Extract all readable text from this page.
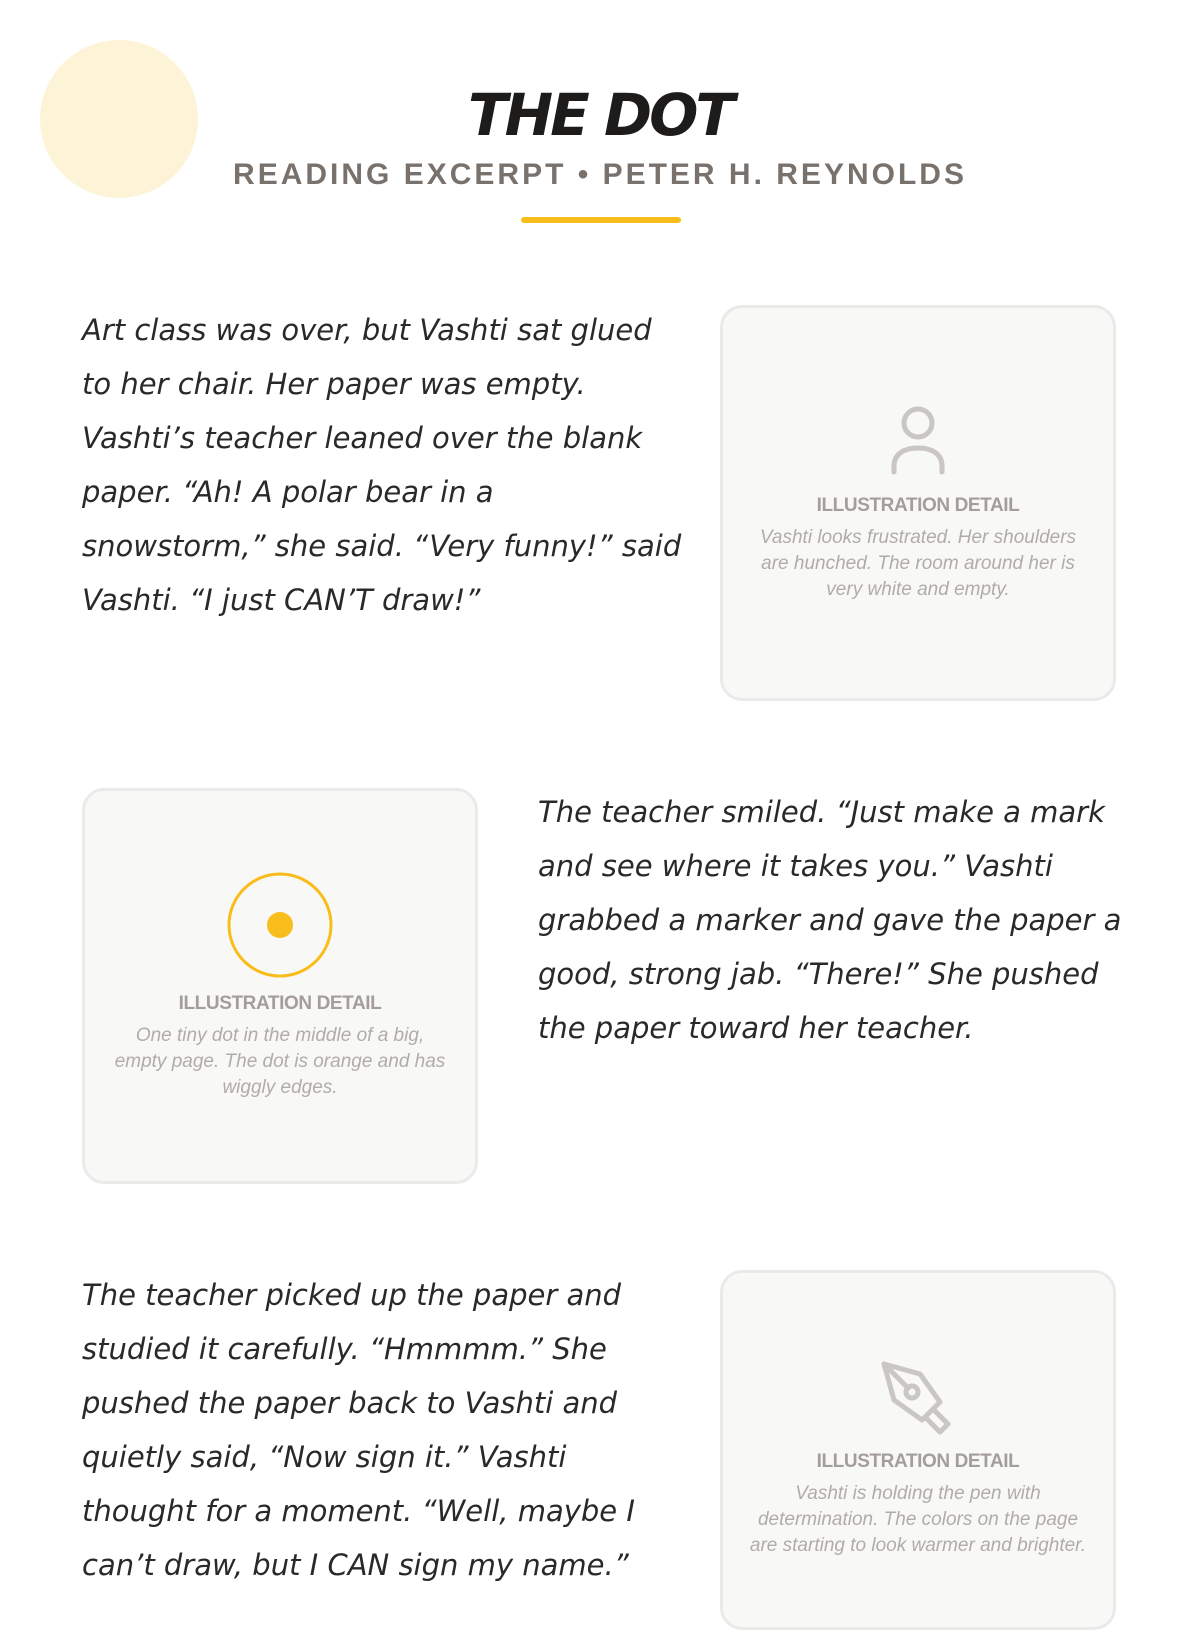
THE DOT
READING EXCERPT • PETER H. REYNOLDS

Art class was over, but Vashti sat glued to her chair. Her paper was empty. Vashti’s teacher leaned over the blank paper. “Ah! A polar bear in a snowstorm,” she said. “Very funny!” said Vashti. “I just CAN’T draw!”

ILLUSTRATION DETAIL
Vashti looks frustrated. Her shoulders are hunched. The room around her is very white and empty.
ILLUSTRATION DETAIL
One tiny dot in the middle of a big, empty page. The dot is orange and has wiggly edges.

The teacher smiled. “Just make a mark and see where it takes you.” Vashti grabbed a marker and gave the paper a good, strong jab. “There!” She pushed the paper toward her teacher.

The teacher picked up the paper and studied it carefully. “Hmmmm.” She pushed the paper back to Vashti and quietly said, “Now sign it.” Vashti thought for a moment. “Well, maybe I can’t draw, but I CAN sign my name.”

ILLUSTRATION DETAIL
Vashti is holding the pen with determination. The colors on the page are starting to look warmer and brighter.
